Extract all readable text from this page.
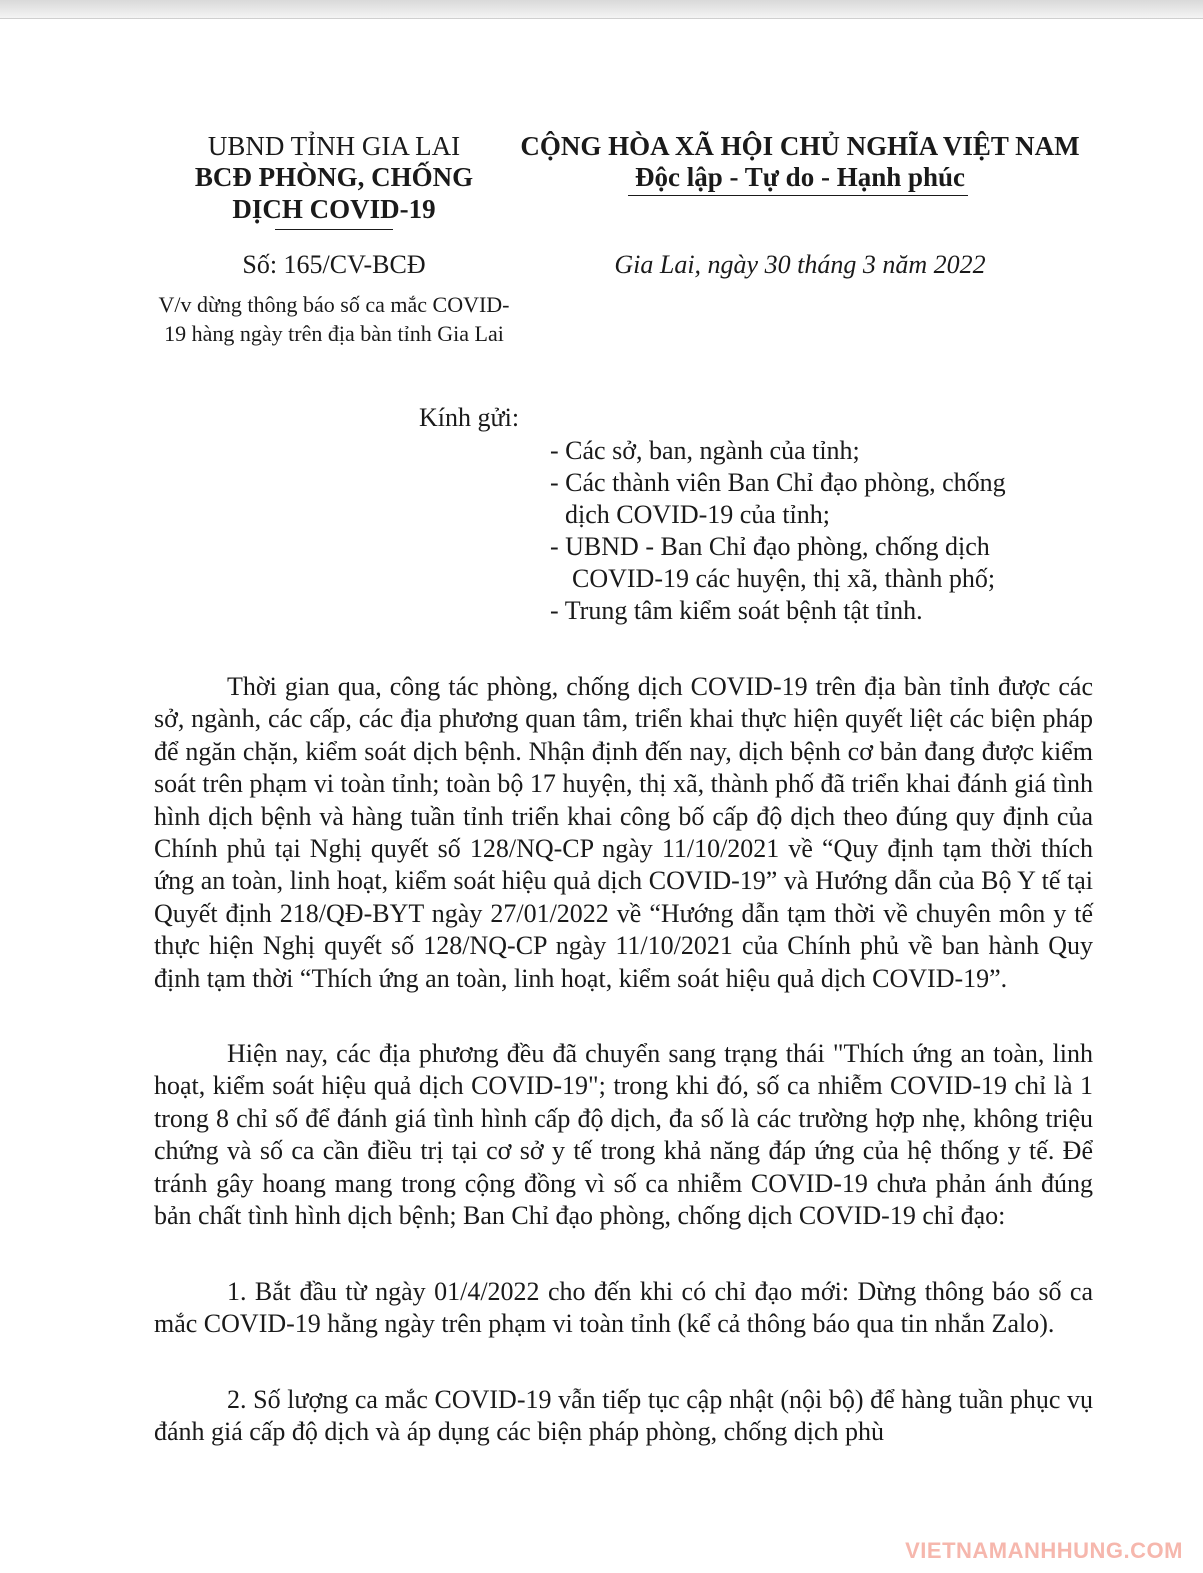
UBND TỈNH GIA LAI
BCĐ PHÒNG, CHỐNG
DỊCH COVID-19
CỘNG HÒA XÃ HỘI CHỦ NGHĨA VIỆT NAM
Độc lập - Tự do - Hạnh phúc
Số: 165/CV-BCĐ	Gia Lai, ngày 30 tháng 3 năm 2022
V/v dừng thông báo số ca mắc COVID-19 hàng ngày trên địa bàn tỉnh Gia Lai
Kính gửi:
- Các sở, ban, ngành của tỉnh;
- Các thành viên Ban Chỉ đạo phòng, chống
dịch COVID-19 của tỉnh;
- UBND - Ban Chỉ đạo phòng, chống dịch
COVID-19 các huyện, thị xã, thành phố;
- Trung tâm kiểm soát bệnh tật tỉnh.

Thời gian qua, công tác phòng, chống dịch COVID-19 trên địa bàn tỉnh được các sở, ngành, các cấp, các địa phương quan tâm, triển khai thực hiện quyết liệt các biện pháp để ngăn chặn, kiểm soát dịch bệnh. Nhận định đến nay, dịch bệnh cơ bản đang được kiểm soát trên phạm vi toàn tỉnh; toàn bộ 17 huyện, thị xã, thành phố đã triển khai đánh giá tình hình dịch bệnh và hàng tuần tỉnh triển khai công bố cấp độ dịch theo đúng quy định của Chính phủ tại Nghị quyết số 128/NQ-CP ngày 11/10/2021 về “Quy định tạm thời thích ứng an toàn, linh hoạt, kiểm soát hiệu quả dịch COVID-19” và Hướng dẫn của Bộ Y tế tại Quyết định 218/QĐ-BYT ngày 27/01/2022 về “Hướng dẫn tạm thời về chuyên môn y tế thực hiện Nghị quyết số 128/NQ-CP ngày 11/10/2021 của Chính phủ về ban hành Quy định tạm thời “Thích ứng an toàn, linh hoạt, kiểm soát hiệu quả dịch COVID-19”.

Hiện nay, các địa phương đều đã chuyển sang trạng thái "Thích ứng an toàn, linh hoạt, kiểm soát hiệu quả dịch COVID-19"; trong khi đó, số ca nhiễm COVID-19 chỉ là 1 trong 8 chỉ số để đánh giá tình hình cấp độ dịch, đa số là các trường hợp nhẹ, không triệu chứng và số ca cần điều trị tại cơ sở y tế trong khả năng đáp ứng của hệ thống y tế. Để tránh gây hoang mang trong cộng đồng vì số ca nhiễm COVID-19 chưa phản ánh đúng bản chất tình hình dịch bệnh; Ban Chỉ đạo phòng, chống dịch COVID-19 chỉ đạo:

1. Bắt đầu từ ngày 01/4/2022 cho đến khi có chỉ đạo mới: Dừng thông báo số ca mắc COVID-19 hằng ngày trên phạm vi toàn tỉnh (kể cả thông báo qua tin nhắn Zalo).

2. Số lượng ca mắc COVID-19 vẫn tiếp tục cập nhật (nội bộ) để hàng tuần phục vụ đánh giá cấp độ dịch và áp dụng các biện pháp phòng, chống dịch phù

VIETNAMANHHUNG.COM
